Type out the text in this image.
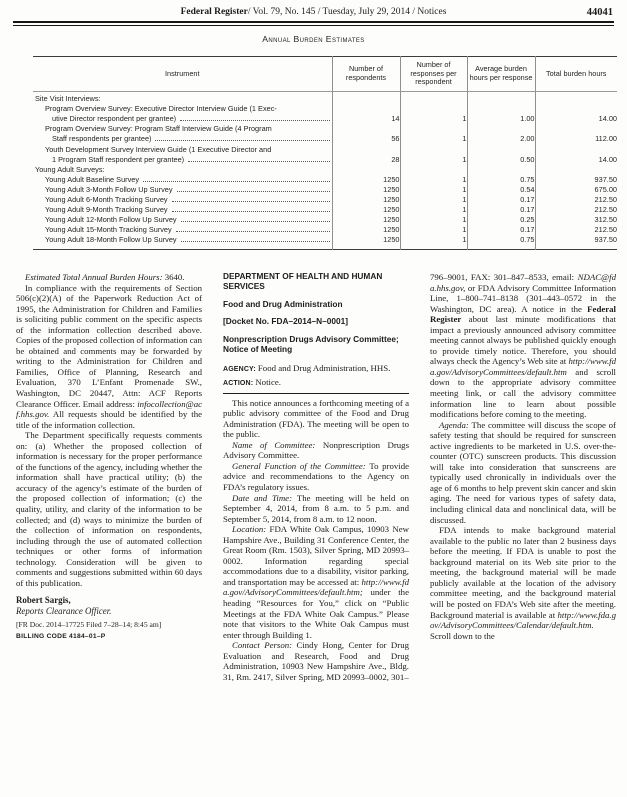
Federal Register/ Vol. 79, No. 145 / Tuesday, July 29, 2014 / Notices	44041
Annual Burden Estimates
Instrument	Number of respondents	Number of responses per respondent	Average burden hours per response	Total burden hours

Site Visit Interviews:				

Program Overview Survey: Executive Director Interview Guide (1 Exec-
utive Director respondent per grantee)	14	1	1.00	14.00

Program Overview Survey: Program Staff Interview Guide (4 Program
Staff respondents per grantee)	56	1	2.00	112.00

Youth Development Survey Interview Guide (1 Executive Director and
1 Program Staff respondent per grantee)	28	1	0.50	14.00

Young Adult Surveys:				

Young Adult Baseline Survey	1250	1	0.75	937.50

Young Adult 3-Month Follow Up Survey	1250	1	0.54	675.00

Young Adult 6-Month Tracking Survey	1250	1	0.17	212.50

Young Adult 9-Month Tracking Survey	1250	1	0.17	212.50

Young Adult 12-Month Follow Up Survey	1250	1	0.25	312.50

Young Adult 15-Month Tracking Survey	1250	1	0.17	212.50

Young Adult 18-Month Follow Up Survey	1250	1	0.75	937.50
Estimated Total Annual Burden Hours: 3640.
In compliance with the requirements of Section 506(c)(2)(A) of the Paperwork Reduction Act of 1995, the Administration for Children and Families is soliciting public comment on the specific aspects of the information collection described above. Copies of the proposed collection of information can be obtained and comments may be forwarded by writing to the Administration for Children and Families, Office of Planning, Research and Evaluation, 370 L’Enfant Promenade SW., Washington, DC 20447, Attn: ACF Reports Clearance Officer. Email address: infocollection@acf.hhs.gov. All requests should be identified by the title of the information collection.
The Department specifically requests comments on: (a) Whether the proposed collection of information is necessary for the proper performance of the functions of the agency, including whether the information shall have practical utility; (b) the accuracy of the agency’s estimate of the burden of the proposed collection of information; (c) the quality, utility, and clarity of the information to be collected; and (d) ways to minimize the burden of the collection of information on respondents, including through the use of automated collection techniques or other forms of information technology. Consideration will be given to comments and suggestions submitted within 60 days of this publication.
Robert Sargis,
Reports Clearance Officer.
[FR Doc. 2014–17725 Filed 7–28–14; 8:45 am]
BILLING CODE 4184–01–P
DEPARTMENT OF HEALTH AND HUMAN SERVICES
Food and Drug Administration
[Docket No. FDA–2014–N–0001]
Nonprescription Drugs Advisory Committee; Notice of Meeting
AGENCY: Food and Drug Administration, HHS.
ACTION: Notice.
This notice announces a forthcoming meeting of a public advisory committee of the Food and Drug Administration (FDA). The meeting will be open to the public.
Name of Committee: Nonprescription Drugs Advisory Committee.
General Function of the Committee: To provide advice and recommendations to the Agency on FDA’s regulatory issues.
Date and Time: The meeting will be held on September 4, 2014, from 8 a.m. to 5 p.m. and September 5, 2014, from 8 a.m. to 12 noon.
Location: FDA White Oak Campus, 10903 New Hampshire Ave., Building 31 Conference Center, the Great Room (Rm. 1503), Silver Spring, MD 20993–0002. Information regarding special accommodations due to a disability, visitor parking, and transportation may be accessed at: http://www.fda.gov/AdvisoryCommittees/default.htm; under the heading “Resources for You,” click on “Public Meetings at the FDA White Oak Campus.” Please note that visitors to the White Oak Campus must enter through Building 1.
Contact Person: Cindy Hong, Center for Drug Evaluation and Research, Food and Drug Administration, 10903 New Hampshire Ave., Bldg. 31, Rm. 2417, Silver Spring, MD 20993–0002, 301–
796–9001, FAX: 301–847–8533, email: NDAC@fda.hhs.gov, or FDA Advisory Committee Information Line, 1–800–741–8138 (301–443–0572 in the Washington, DC area). A notice in the Federal Register about last minute modifications that impact a previously announced advisory committee meeting cannot always be published quickly enough to provide timely notice. Therefore, you should always check the Agency’s Web site at http://www.fda.gov/AdvisoryCommittees/default.htm and scroll down to the appropriate advisory committee meeting link, or call the advisory committee information line to learn about possible modifications before coming to the meeting.
Agenda: The committee will discuss the scope of safety testing that should be required for sunscreen active ingredients to be marketed in U.S. over-the-counter (OTC) sunscreen products. This discussion will take into consideration that sunscreens are typically used chronically in individuals over the age of 6 months to help prevent skin cancer and skin aging. The need for various types of safety data, including clinical data and nonclinical data, will be discussed.
FDA intends to make background material available to the public no later than 2 business days before the meeting. If FDA is unable to post the background material on its Web site prior to the meeting, the background material will be made publicly available at the location of the advisory committee meeting, and the background material will be posted on FDA’s Web site after the meeting. Background material is available at http://www.fda.gov/AdvisoryCommittees/Calendar/default.htm. Scroll down to the
